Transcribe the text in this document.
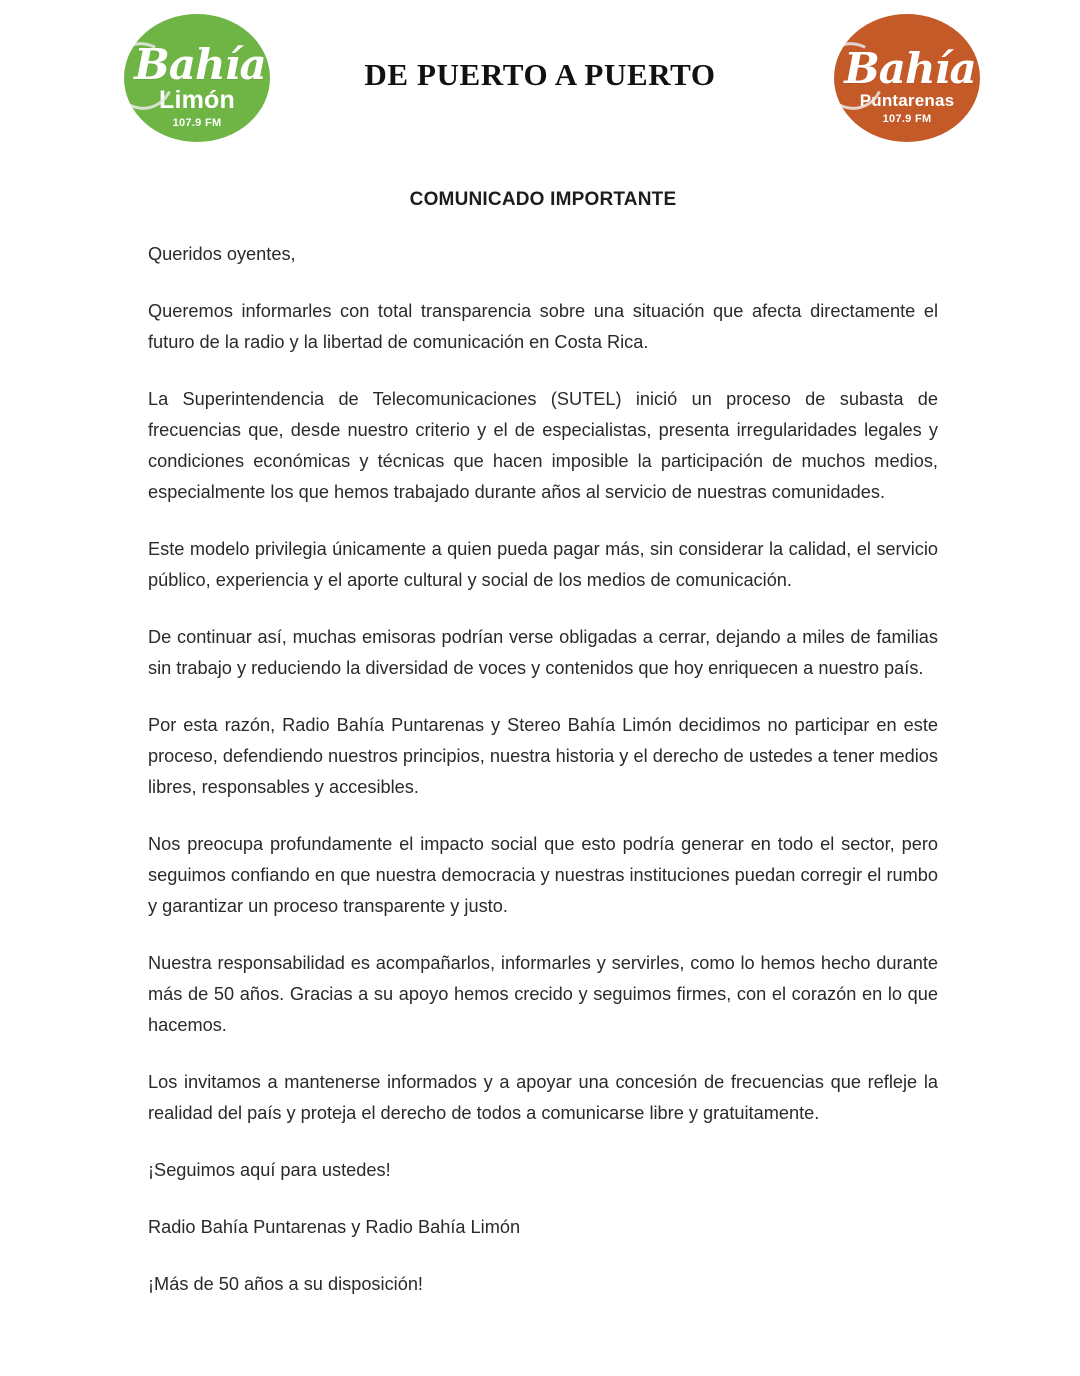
Bahía
Limón
107.9 FM
DE PUERTO A PUERTO	Bahía
Puntarenas
107.9 FM
COMUNICADO IMPORTANTE

Queridos oyentes,

Queremos informarles con total transparencia sobre una situación que afecta directamente el futuro de la radio y la libertad de comunicación en Costa Rica.

La Superintendencia de Telecomunicaciones (SUTEL) inició un proceso de subasta de frecuencias que, desde nuestro criterio y el de especialistas, presenta irregularidades legales y condiciones económicas y técnicas que hacen imposible la participación de muchos medios, especialmente los que hemos trabajado durante años al servicio de nuestras comunidades.

Este modelo privilegia únicamente a quien pueda pagar más, sin considerar la calidad, el servicio público, experiencia y el aporte cultural y social de los medios de comunicación.

De continuar así, muchas emisoras podrían verse obligadas a cerrar, dejando a miles de familias sin trabajo y reduciendo la diversidad de voces y contenidos que hoy enriquecen a nuestro país.

Por esta razón, Radio Bahía Puntarenas y Stereo Bahía Limón decidimos no participar en este proceso, defendiendo nuestros principios, nuestra historia y el derecho de ustedes a tener medios libres, responsables y accesibles.

Nos preocupa profundamente el impacto social que esto podría generar en todo el sector, pero seguimos confiando en que nuestra democracia y nuestras instituciones puedan corregir el rumbo y garantizar un proceso transparente y justo.

Nuestra responsabilidad es acompañarlos, informarles y servirles, como lo hemos hecho durante más de 50 años. Gracias a su apoyo hemos crecido y seguimos firmes, con el corazón en lo que hacemos.

Los invitamos a mantenerse informados y a apoyar una concesión de frecuencias que refleje la realidad del país y proteja el derecho de todos a comunicarse libre y gratuitamente.

¡Seguimos aquí para ustedes!

Radio Bahía Puntarenas y Radio Bahía Limón

¡Más de 50 años a su disposición!
